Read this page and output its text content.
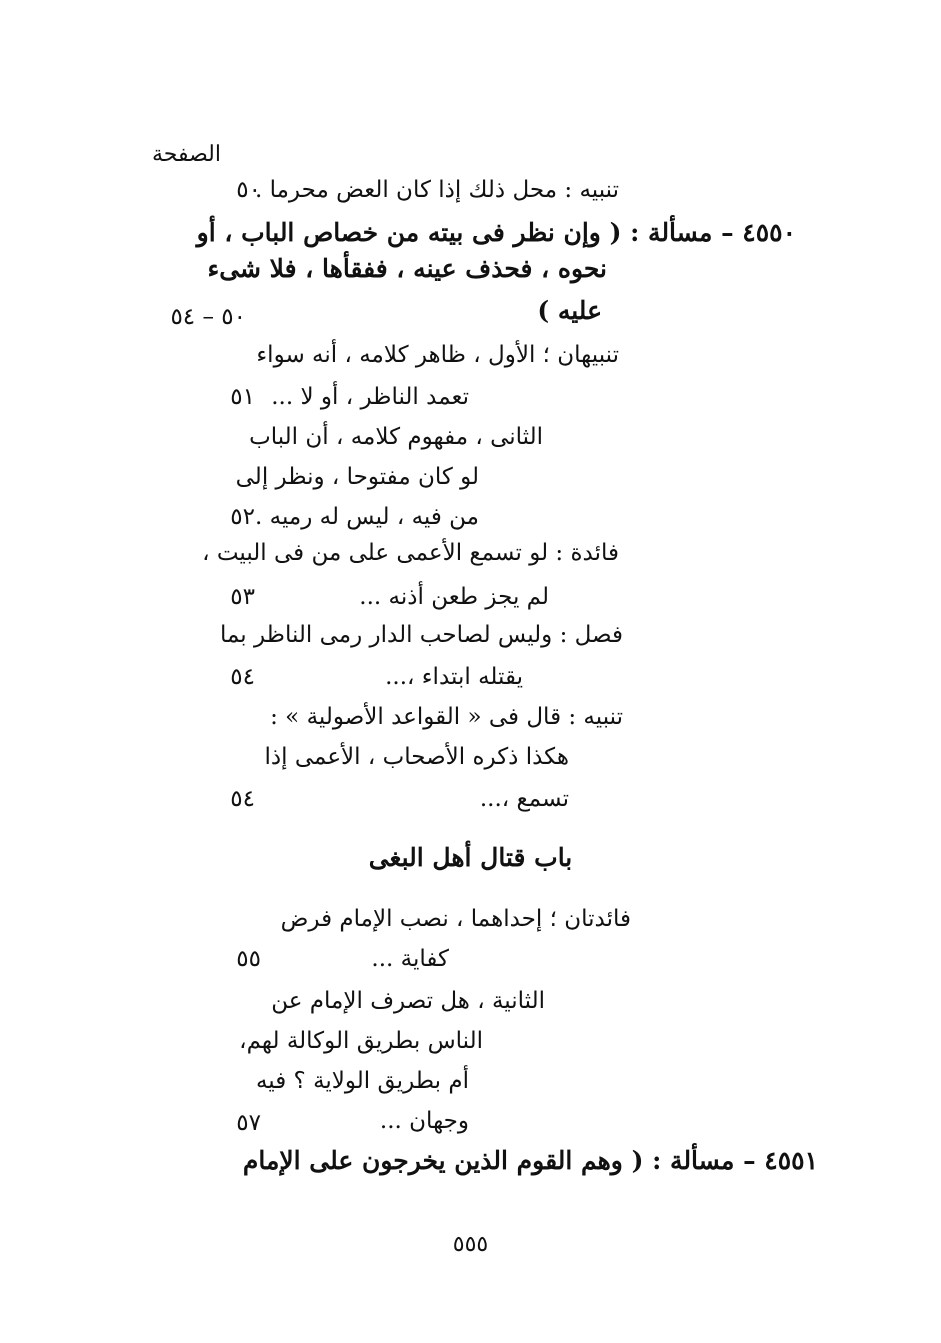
الصفحة
تنبيه : محل ذلك إذا كان العض محرما .
٥٠
٤٥٥٠ – مسألة : ( وإن نظر فى بيته من خصاص الباب ، أو
نحوه ، فحذف عينه ، ففقأها ، فلا شىء
عليه )
٥٠ – ٥٤
تنبيهان ؛ الأول ، ظاهر كلامه ، أنه سواء
تعمد الناظر ، أو لا ...
٥١
الثانى ، مفهوم كلامه ، أن الباب
لو كان مفتوحا ، ونظر إلى
من فيه ، ليس له رميه .
٥٢
فائدة : لو تسمع الأعمى على من فى البيت ،
لم يجز طعن أذنه ...
٥٣
فصل : وليس لصاحب الدار رمى الناظر بما
يقتله ابتداء ،...
٥٤
تنبيه : قال فى « القواعد الأصولية » :
هكذا ذكره الأصحاب ، الأعمى إذا
تسمع ،...
٥٤
باب قتال أهل البغى
فائدتان ؛ إحداهما ، نصب الإمام فرض
كفاية ...
٥٥
الثانية ، هل تصرف الإمام عن
الناس بطريق الوكالة لهم،
أم بطريق الولاية ؟ فيه
وجهان ...
٥٧
٤٥٥١ – مسألة : ( وهم القوم الذين يخرجون على الإمام
٥٥٥
